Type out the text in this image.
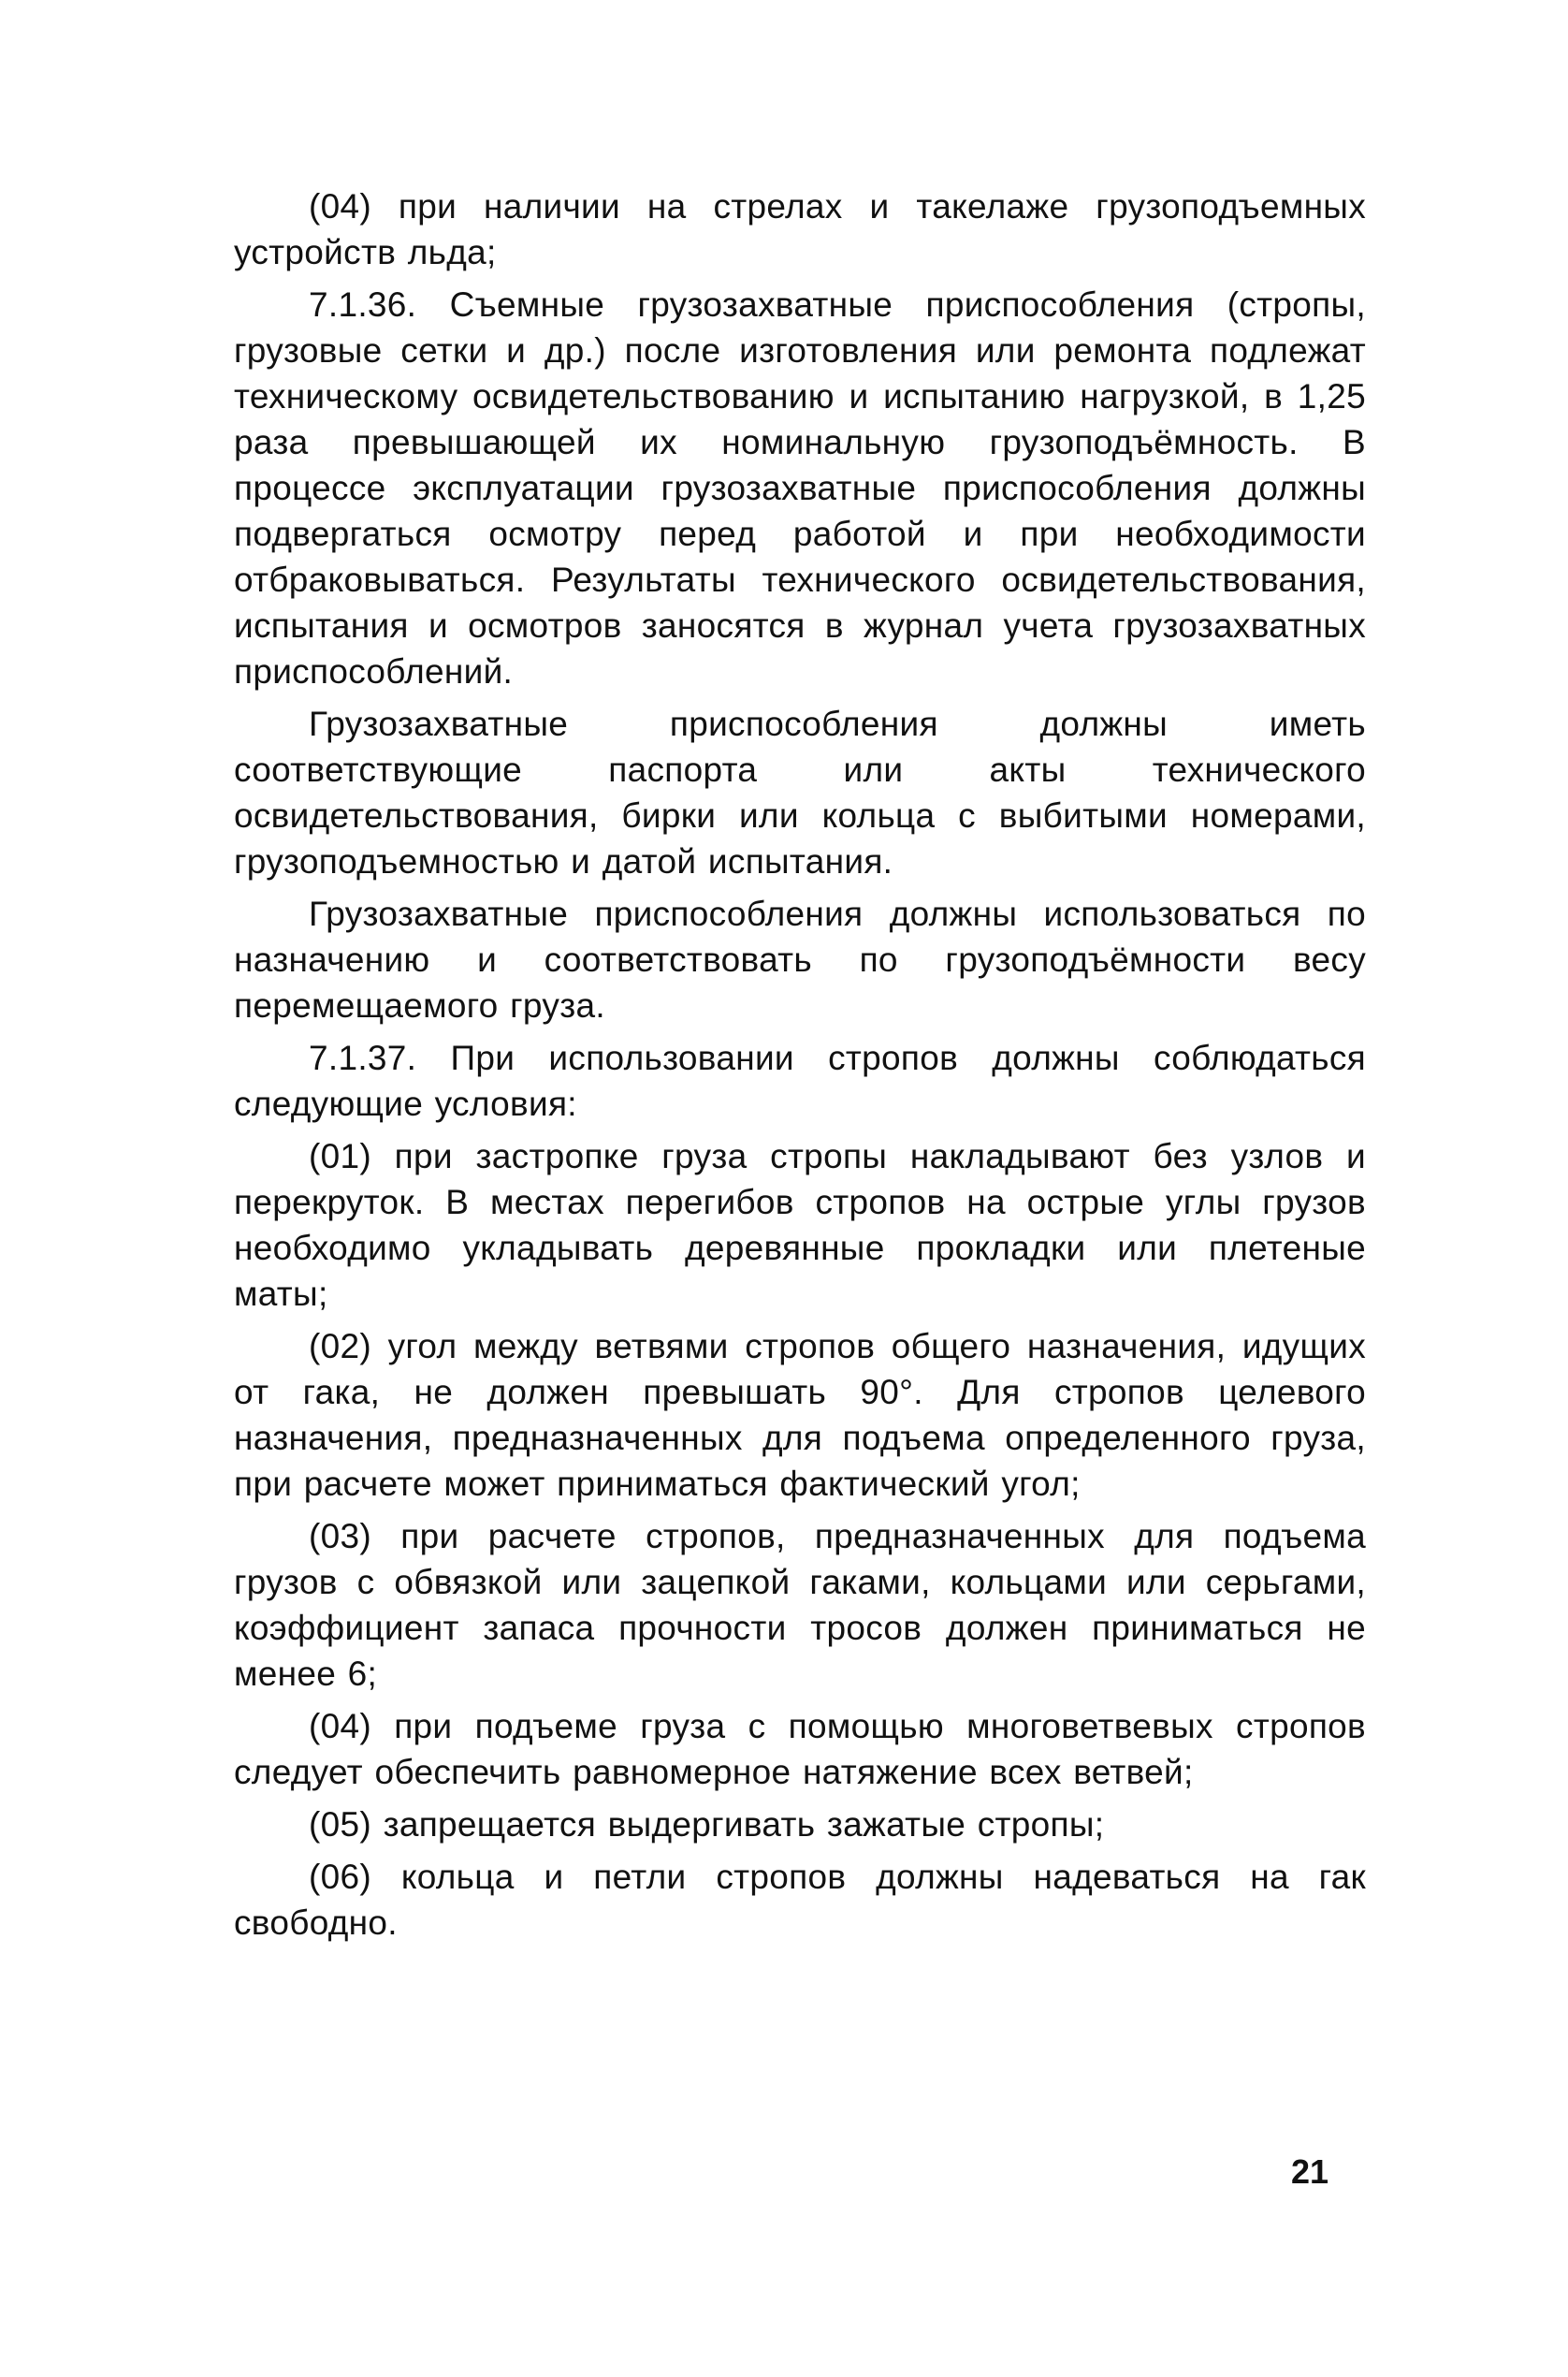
(04) при наличии на стрелах и такелаже грузоподъемных устройств льда;

7.1.36. Съемные грузозахватные приспособления (стропы, грузовые сетки и др.) после изготовления или ремонта подлежат техническому освидетельствованию и испытанию нагрузкой, в 1,25 раза превышающей их номинальную грузоподъёмность. В процессе эксплуатации грузозахватные приспособления должны подвергаться осмотру перед работой и при необходимости отбраковываться. Результаты технического освидетельствования, испытания и осмотров заносятся в журнал учета грузозахватных приспособлений.

Грузозахватные приспособления должны иметь соответствующие паспорта или акты технического освидетельствования, бирки или кольца с выбитыми номерами, грузоподъемностью и датой испытания.

Грузозахватные приспособления должны использоваться по назначению и соответствовать по грузоподъёмности весу перемещаемого груза.

7.1.37. При использовании стропов должны соблюдаться следующие условия:

(01) при застропке груза стропы накладывают без узлов и перекруток. В местах перегибов стропов на острые углы грузов необходимо укладывать деревянные прокладки или плетеные маты;

(02) угол между ветвями стропов общего назначения, идущих от гака, не должен превышать 90°. Для стропов целевого назначения, предназначенных для подъема определенного груза, при расчете может приниматься фактический угол;

(03) при расчете стропов, предназначенных для подъема грузов с обвязкой или зацепкой гаками, кольцами или серьгами, коэффициент запаса прочности тросов должен приниматься не менее 6;

(04) при подъеме груза с помощью многоветвевых стропов следует обеспечить равномерное натяжение всех ветвей;

(05) запрещается выдергивать зажатые стропы;

(06) кольца и петли стропов должны надеваться на гак свободно.

21
